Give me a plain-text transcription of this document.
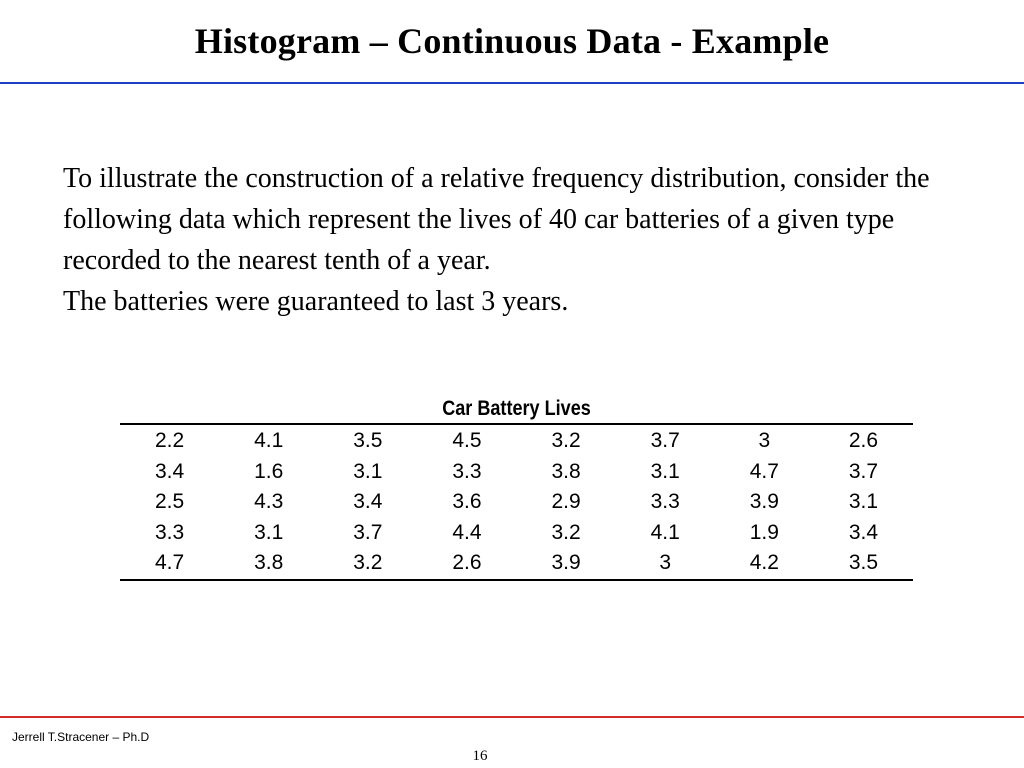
Histogram – Continuous Data - Example

To illustrate the construction of a relative frequency distribution, consider the following data which represent the lives of 40 car batteries of a given type recorded to the nearest tenth of a year.

The batteries were guaranteed to last 3 years.

Car Battery Lives
2.2	4.1	3.5	4.5	3.2	3.7	3	2.6
3.4	1.6	3.1	3.3	3.8	3.1	4.7	3.7
2.5	4.3	3.4	3.6	2.9	3.3	3.9	3.1
3.3	3.1	3.7	4.4	3.2	4.1	1.9	3.4
4.7	3.8	3.2	2.6	3.9	3	4.2	3.5
Jerrell T.Stracener – Ph.D
16
